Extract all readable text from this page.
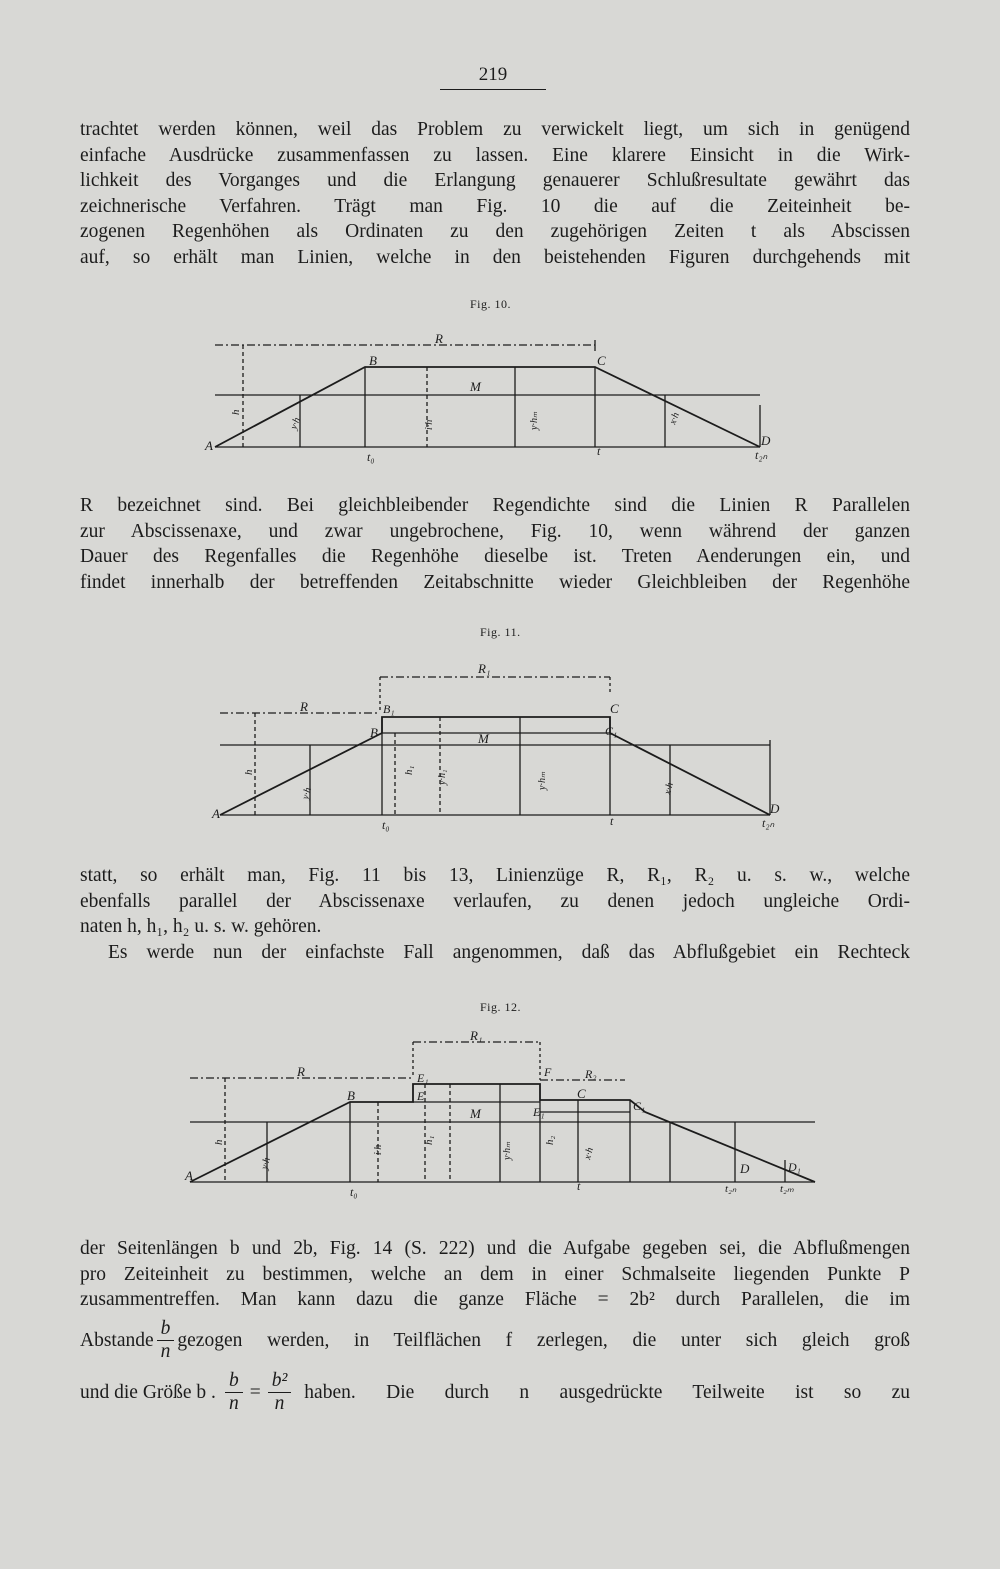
219

trachtet werden können, weil das Problem zu verwickelt liegt, um sich in genügend
einfache Ausdrücke zusammenfassen zu lassen. Eine klarere Einsicht in die Wirk-
lichkeit des Vorganges und die Erlangung genauerer Schlußresultate gewährt das
zeichnerische Verfahren. Trägt man Fig. 10 die auf die Zeiteinheit be-
zogenen Regenhöhen als Ordinaten zu den zugehörigen Zeiten t als Abscissen
auf, so erhält man Linien, welche in den beistehenden Figuren durchgehends mit

Fig. 10.
A
B	C
D
R
M
t₀	t	t₂ₙ
h
y·h	i·h	y·hₘ	x·h

R bezeichnet sind. Bei gleichbleibender Regendichte sind die Linien R Parallelen
zur Abscissenaxe, und zwar ungebrochene, Fig. 10, wenn während der ganzen
Dauer des Regenfalles die Regenhöhe dieselbe ist. Treten Aenderungen ein, und
findet innerhalb der betreffenden Zeitabschnitte wieder Gleichbleiben der Regenhöhe

Fig. 11.
A
B
B₁	C
C₁
D
R
R₁
M
t₀	t	t₂ₙ
h	h₁
y·h
y·h₁	y·hₘ	x·h

statt, so erhält man, Fig. 11 bis 13, Linienzüge R, R₁, R₂ u. s. w., welche
ebenfalls parallel der Abscissenaxe verlaufen, zu denen jedoch ungleiche Ordi-
naten h, h₁, h₂ u. s. w. gehören.

Es werde nun der einfachste Fall angenommen, daß das Abflußgebiet ein Rechteck

Fig. 12.
A
B	C
C₁
D	D₁
E
E₁	F
E₁
R
R₁
R₂
M
t₀	t	t₂ₙ	t₂ₘ
h	h₁	h₂
y·h
i·h	y·hₘ	x·h

der Seitenlängen b und 2b, Fig. 14 (S. 222) und die Aufgabe gegeben sei, die Abflußmengen
pro Zeiteinheit zu bestimmen, welche an dem in einer Schmalseite liegenden Punkte P
zusammentreffen. Man kann dazu die ganze Fläche = 2b² durch Parallelen, die im

Abstande $\frac{b}{n}$ gezogen werden, in Teilflächen f zerlegen, die unter sich gleich groß
und die Größe b . $\frac{b}{n} = \frac{\text{b²}}{n}$ haben. Die durch n ausgedrückte Teilweite ist so zu
